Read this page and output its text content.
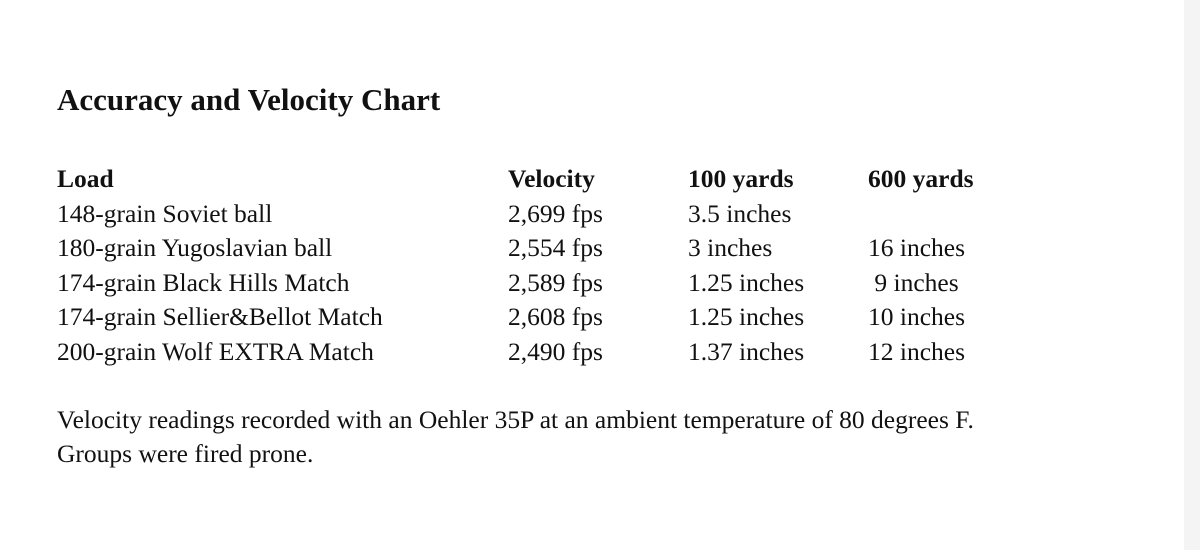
Accuracy and Velocity Chart
Load	Velocity	100 yards	600 yards
148-grain Soviet ball	2,699 fps	3.5 inches	
180-grain Yugoslavian ball	2,554 fps	3 inches	16 inches
174-grain Black Hills Match	2,589 fps	1.25 inches	9 inches
174-grain Sellier&Bellot Match	2,608 fps	1.25 inches	10 inches
200-grain Wolf EXTRA Match	2,490 fps	1.37 inches	12 inches

Velocity readings recorded with an Oehler 35P at an ambient temperature of 80 degrees F.
Groups were fired prone.
